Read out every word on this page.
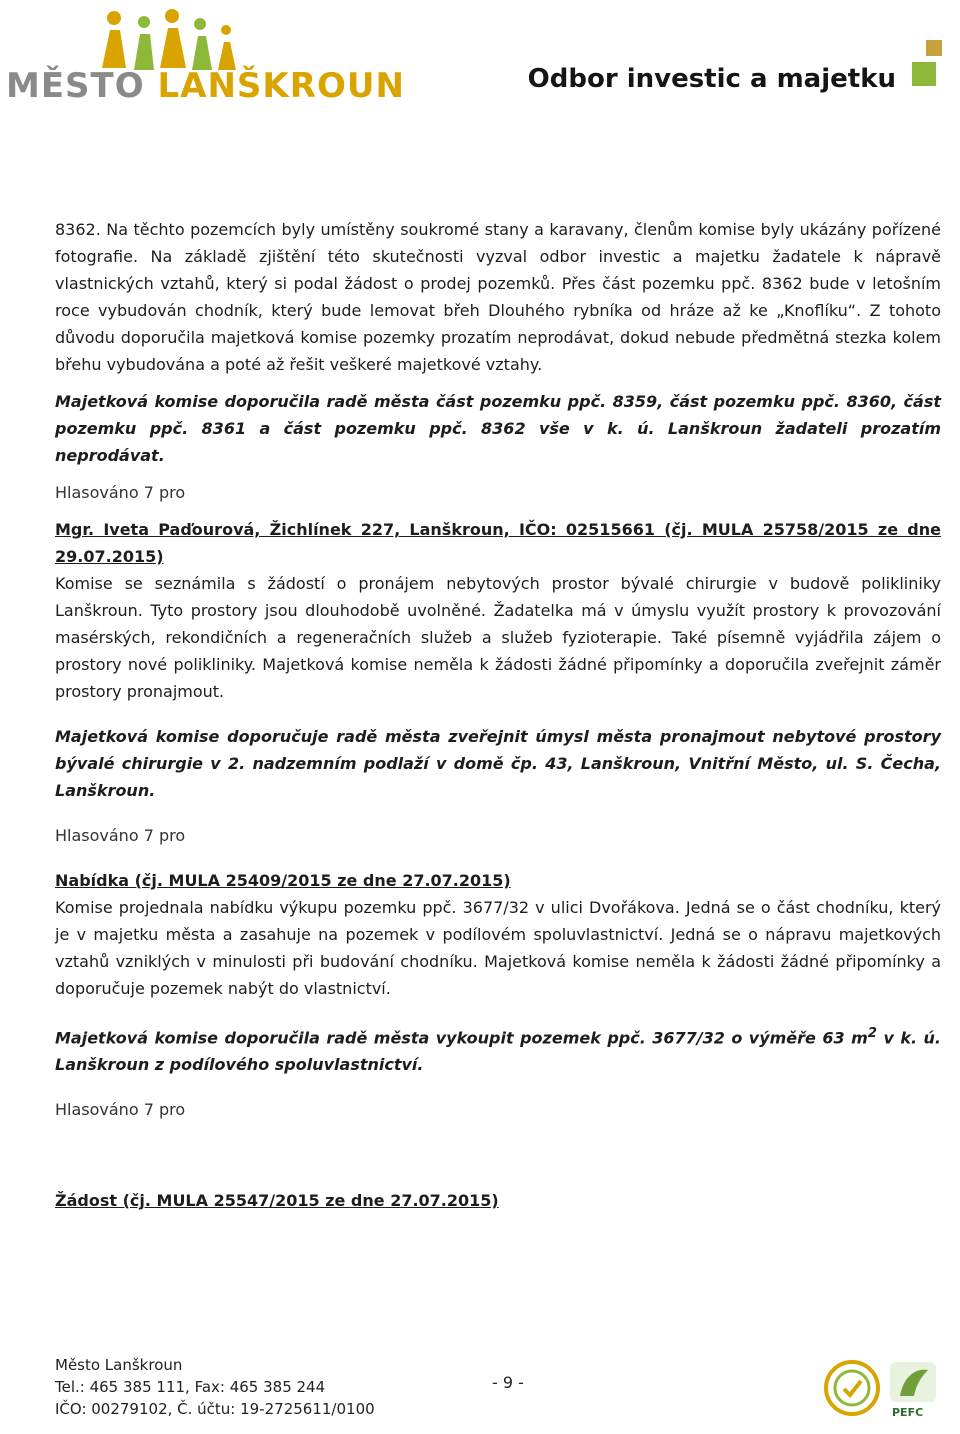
MĚSTO LANŠKROUN	Odbor investic a majetku

8362. Na těchto pozemcích byly umístěny soukromé stany a karavany, členům komise byly ukázány pořízené fotografie. Na základě zjištění této skutečnosti vyzval odbor investic a majetku žadatele k nápravě vlastnických vztahů, který si podal žádost o prodej pozemků. Přes část pozemku ppč. 8362 bude v letošním roce vybudován chodník, který bude lemovat břeh Dlouhého rybníka od hráze až ke „Knoflíku“. Z tohoto důvodu doporučila majetková komise pozemky prozatím neprodávat, dokud nebude předmětná stezka kolem břehu vybudována a poté až řešit veškeré majetkové vztahy.

Majetková komise doporučila radě města část pozemku ppč. 8359, část pozemku ppč. 8360, část pozemku ppč. 8361 a část pozemku ppč. 8362 vše v k. ú. Lanškroun žadateli prozatím neprodávat.

Hlasováno 7 pro

Mgr. Iveta Paďourová, Žichlínek 227, Lanškroun, IČO: 02515661 (čj. MULA 25758/2015 ze dne 29.07.2015)

Komise se seznámila s žádostí o pronájem nebytových prostor bývalé chirurgie v budově polikliniky Lanškroun. Tyto prostory jsou dlouhodobě uvolněné. Žadatelka má v úmyslu využít prostory k provozování masérských, rekondičních a regeneračních služeb a služeb fyzioterapie. Také písemně vyjádřila zájem o prostory nové polikliniky. Majetková komise neměla k žádosti žádné připomínky a doporučila zveřejnit záměr prostory pronajmout.

Majetková komise doporučuje radě města zveřejnit úmysl města pronajmout nebytové prostory bývalé chirurgie v 2. nadzemním podlaží v domě čp. 43, Lanškroun, Vnitřní Město, ul. S. Čecha, Lanškroun.

Hlasováno 7 pro

Nabídka (čj. MULA 25409/2015 ze dne 27.07.2015)

Komise projednala nabídku výkupu pozemku ppč. 3677/32 v ulici Dvořákova. Jedná se o část chodníku, který je v majetku města a zasahuje na pozemek v podílovém spoluvlastnictví. Jedná se o nápravu majetkových vztahů vzniklých v minulosti při budování chodníku. Majetková komise neměla k žádosti žádné připomínky a doporučuje pozemek nabýt do vlastnictví.

Majetková komise doporučila radě města vykoupit pozemek ppč. 3677/32 o výměře 63 $m^2$ v k. ú. Lanškroun z podílového spoluvlastnictví.

Hlasováno 7 pro

Žádost (čj. MULA 25547/2015 ze dne 27.07.2015)

Město Lanškroun
Tel.: 465 385 111, Fax: 465 385 244
IČO: 00279102, Č. účtu: 19-2725611/0100
- 9 -
PEFC
